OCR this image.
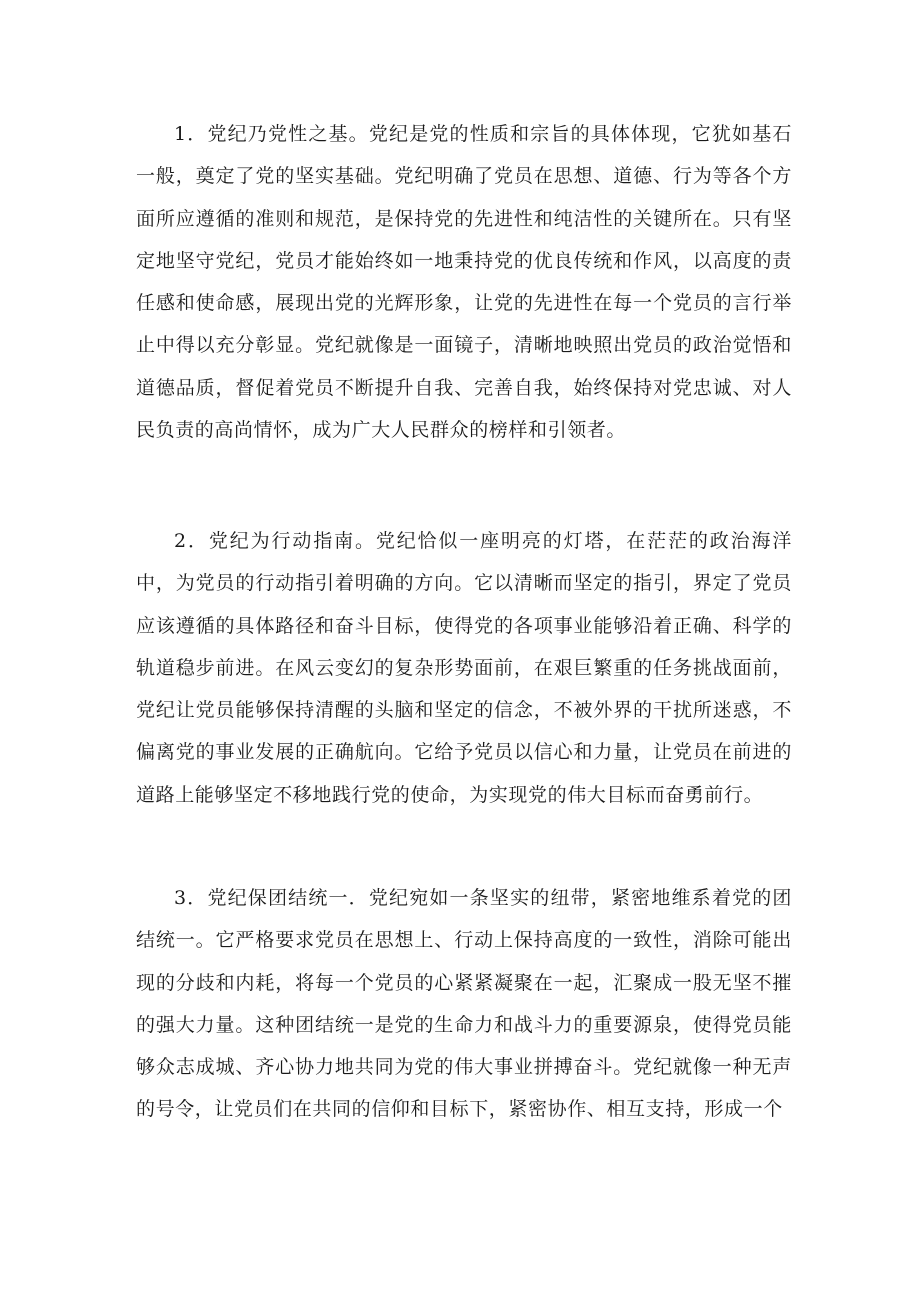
1．党纪乃党性之基。党纪是党的性质和宗旨的具体体现，它犹如基石一般，奠定了党的坚实基础。党纪明确了党员在思想、道德、行为等各个方面所应遵循的准则和规范，是保持党的先进性和纯洁性的关键所在。只有坚定地坚守党纪，党员才能始终如一地秉持党的优良传统和作风，以高度的责任感和使命感，展现出党的光辉形象，让党的先进性在每一个党员的言行举止中得以充分彰显。党纪就像是一面镜子，清晰地映照出党员的政治觉悟和道德品质，督促着党员不断提升自我、完善自我，始终保持对党忠诚、对人民负责的高尚情怀，成为广大人民群众的榜样和引领者。

2．党纪为行动指南。党纪恰似一座明亮的灯塔，在茫茫的政治海洋中，为党员的行动指引着明确的方向。它以清晰而坚定的指引，界定了党员应该遵循的具体路径和奋斗目标，使得党的各项事业能够沿着正确、科学的轨道稳步前进。在风云变幻的复杂形势面前，在艰巨繁重的任务挑战面前，党纪让党员能够保持清醒的头脑和坚定的信念，不被外界的干扰所迷惑，不偏离党的事业发展的正确航向。它给予党员以信心和力量，让党员在前进的道路上能够坚定不移地践行党的使命，为实现党的伟大目标而奋勇前行。

3．党纪保团结统一．党纪宛如一条坚实的纽带，紧密地维系着党的团结统一。它严格要求党员在思想上、行动上保持高度的一致性，消除可能出现的分歧和内耗，将每一个党员的心紧紧凝聚在一起，汇聚成一股无坚不摧的强大力量。这种团结统一是党的生命力和战斗力的重要源泉，使得党员能够众志成城、齐心协力地共同为党的伟大事业拼搏奋斗。党纪就像一种无声的号令，让党员们在共同的信仰和目标下，紧密协作、相互支持，形成一个
